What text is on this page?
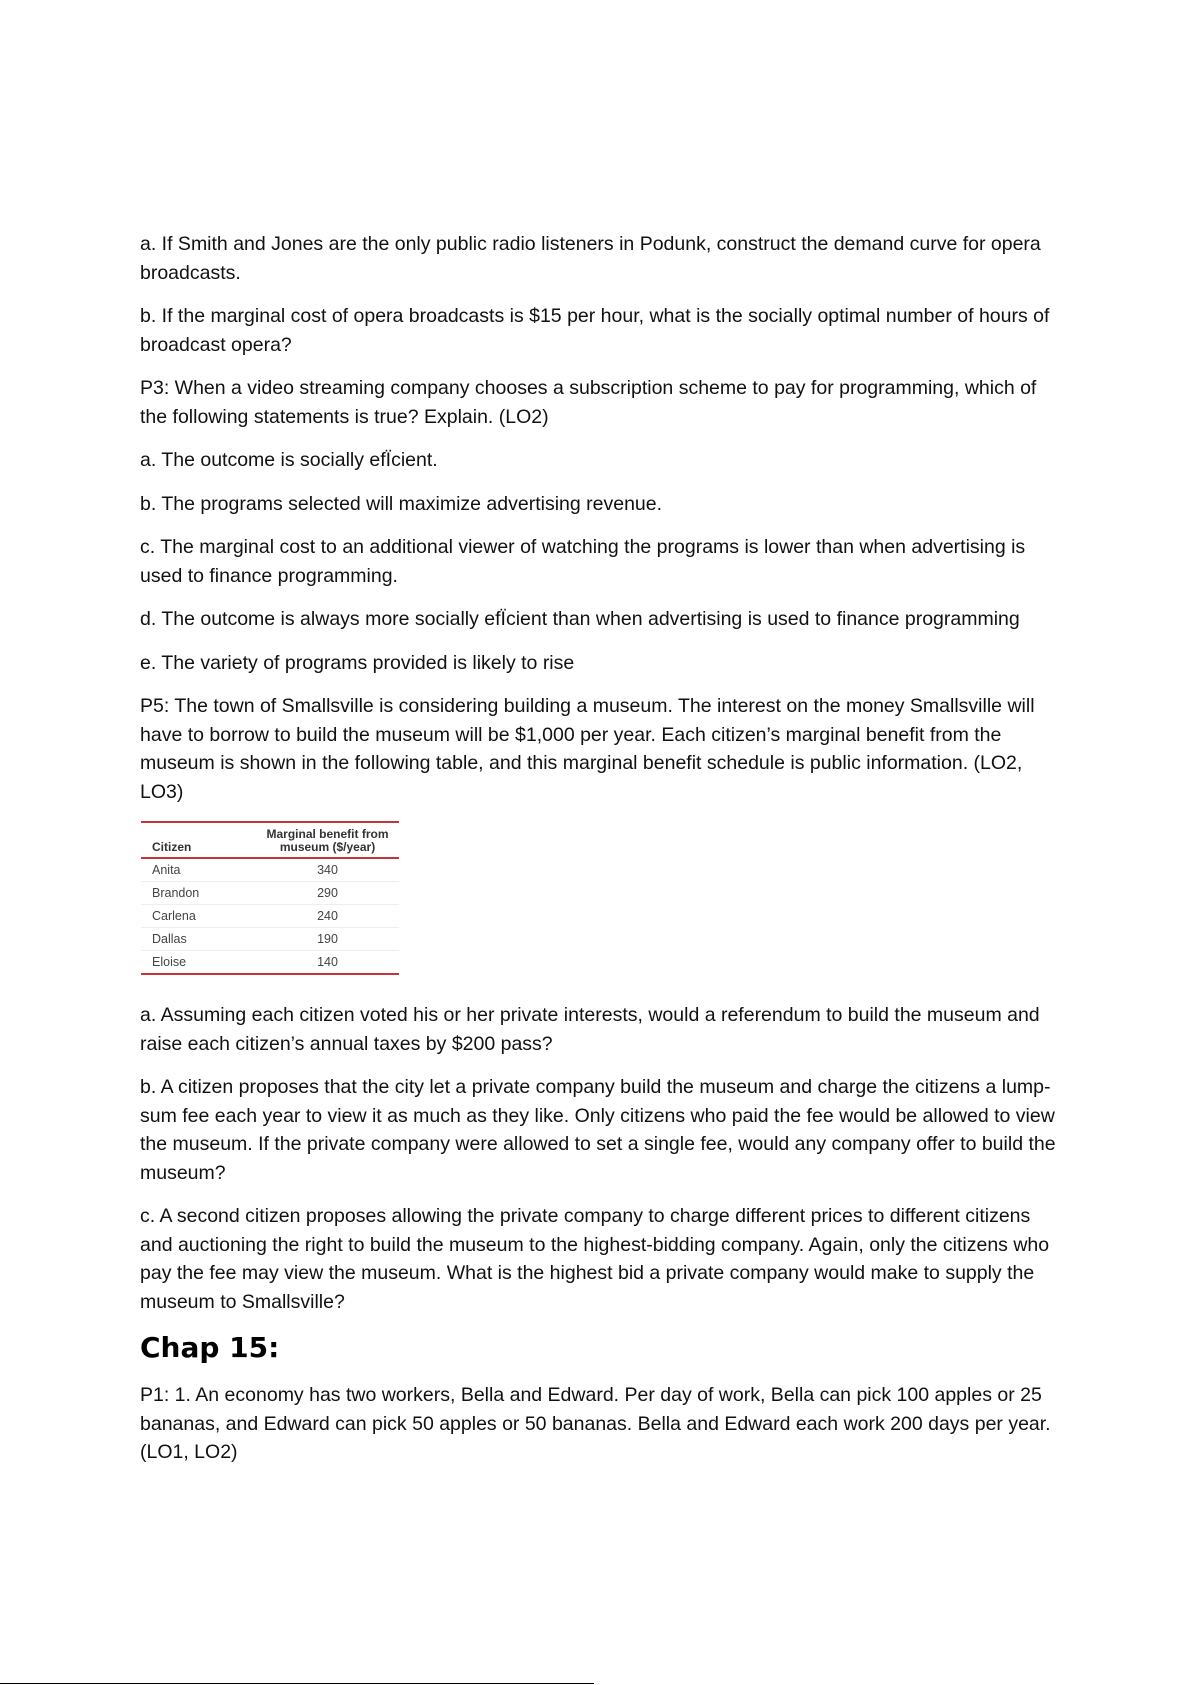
a. If Smith and Jones are the only public radio listeners in Podunk, construct the demand curve for opera broadcasts.

b. If the marginal cost of opera broadcasts is $15 per hour, what is the socially optimal number of hours of broadcast opera?

P3: When a video streaming company chooses a subscription scheme to pay for programming, which of the following statements is true? Explain. (LO2)

a. The outcome is socially efÏcient.

b. The programs selected will maximize advertising revenue.

c. The marginal cost to an additional viewer of watching the programs is lower than when advertising is used to finance programming.

d. The outcome is always more socially efÏcient than when advertising is used to finance programming

e. The variety of programs provided is likely to rise

P5: The town of Smallsville is considering building a museum. The interest on the money Smallsville will have to borrow to build the museum will be $1,000 per year. Each citizen’s marginal benefit from the museum is shown in the following table, and this marginal benefit schedule is public information. (LO2, LO3)

Citizen	Marginal benefit from
museum ($/year)
Anita	340
Brandon	290
Carlena	240
Dallas	190
Eloise	140

a. Assuming each citizen voted his or her private interests, would a referendum to build the museum and raise each citizen’s annual taxes by $200 pass?

b. A citizen proposes that the city let a private company build the museum and charge the citizens a lump-sum fee each year to view it as much as they like. Only citizens who paid the fee would be allowed to view the museum. If the private company were allowed to set a single fee, would any company offer to build the museum?

c. A second citizen proposes allowing the private company to charge different prices to different citizens and auctioning the right to build the museum to the highest-bidding company. Again, only the citizens who pay the fee may view the museum. What is the highest bid a private company would make to supply the museum to Smallsville?

Chap 15:

P1: 1. An economy has two workers, Bella and Edward. Per day of work, Bella can pick 100 apples or 25 bananas, and Edward can pick 50 apples or 50 bananas. Bella and Edward each work 200 days per year. (LO1, LO2)
